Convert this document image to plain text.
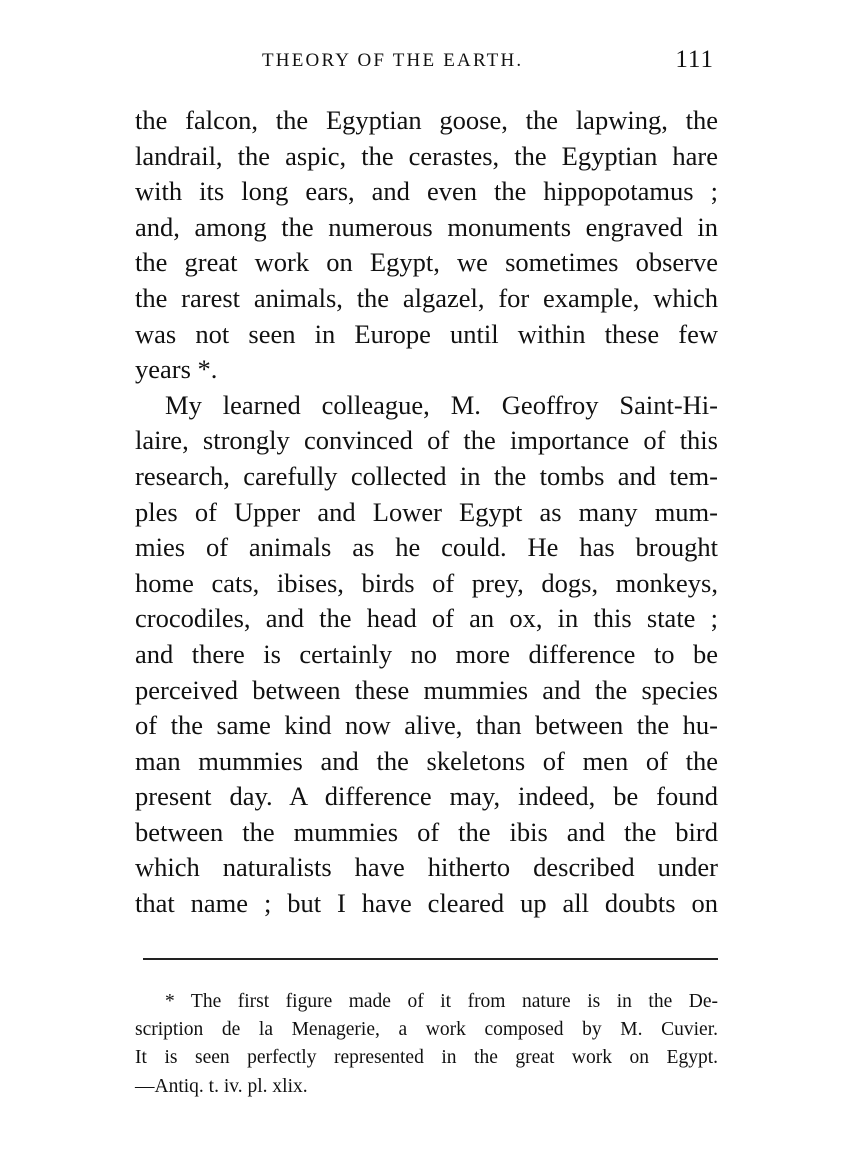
THEORY OF THE EARTH.	111
the falcon, the Egyptian goose, the lapwing, the
landrail, the aspic, the cerastes, the Egyptian hare
with its long ears, and even the hippopotamus ;
and, among the numerous monuments engraved in
the great work on Egypt, we sometimes observe
the rarest animals, the algazel, for example, which
was not seen in Europe until within these few
years *.
My learned colleague, M. Geoffroy Saint-Hi-
laire, strongly convinced of the importance of this
research, carefully collected in the tombs and tem-
ples of Upper and Lower Egypt as many mum-
mies of animals as he could. He has brought
home cats, ibises, birds of prey, dogs, monkeys,
crocodiles, and the head of an ox, in this state ;
and there is certainly no more difference to be
perceived between these mummies and the species
of the same kind now alive, than between the hu-
man mummies and the skeletons of men of the
present day. A difference may, indeed, be found
between the mummies of the ibis and the bird
which naturalists have hitherto described under
that name ; but I have cleared up all doubts on
* The first figure made of it from nature is in the De-
scription de la Menagerie, a work composed by M. Cuvier.
It is seen perfectly represented in the great work on Egypt.
—Antiq. t. iv. pl. xlix.
